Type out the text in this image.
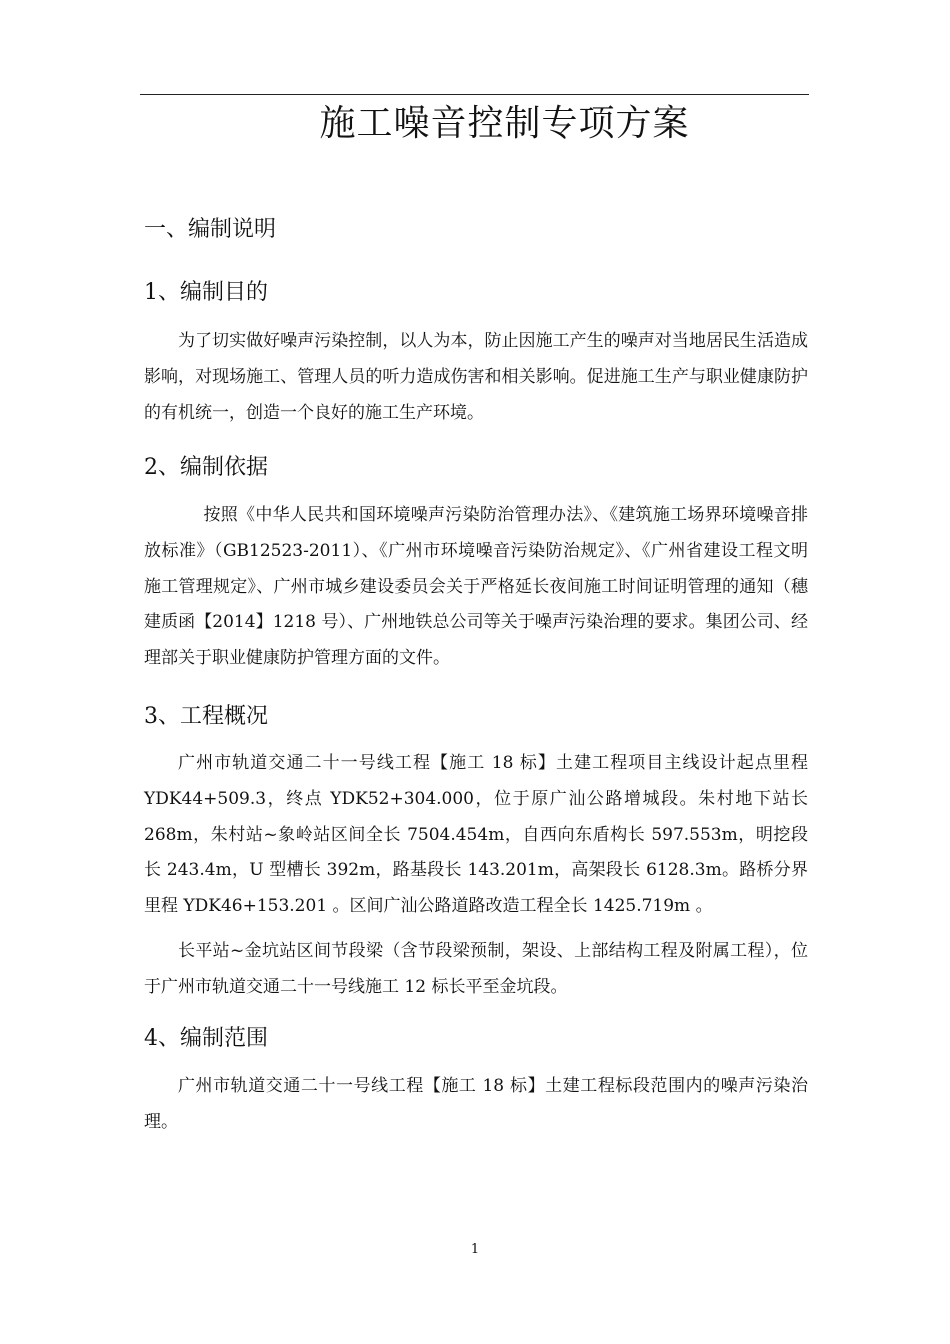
施工噪音控制专项方案
一、编制说明 
1、编制目的

为了切实做好噪声污染控制，以人为本，防止因施工产生的噪声对当地居民生活造成影响，对现场施工、管理人员的听力造成伤害和相关影响。促进施工生产与职业健康防护的有机统一，创造一个良好的施工生产环境。

2、编制依据

按照《中华人民共和国环境噪声污染防治管理办法》、《建筑施工场界环境噪音排放标准》（GB12523-2011）、《广州市环境噪音污染防治规定》、《广州省建设工程文明施工管理规定》、广州市城乡建设委员会关于严格延长夜间施工时间证明管理的通知（穗建质函【2014】1218 号）、广州地铁总公司等关于噪声污染治理的要求。集团公司、经理部关于职业健康防护管理方面的文件。

3、工程概况

广州市轨道交通二十一号线工程【施工 18 标】土建工程项目主线设计起点里程 YDK44+509.3，终点 YDK52+304.000，位于原广汕公路增城段。朱村地下站长 268m，朱村站~象岭站区间全长 7504.454m，自西向东盾构长 597.553m，明挖段长 243.4m，U 型槽长 392m，路基段长 143.201m，高架段长 6128.3m。路桥分界里程 YDK46+153.201 。区间广汕公路道路改造工程全长 1425.719m 。

长平站~金坑站区间节段梁（含节段梁预制，架设、上部结构工程及附属工程），位于广州市轨道交通二十一号线施工 12 标长平至金坑段。

4、编制范围

广州市轨道交通二十一号线工程【施工 18 标】土建工程标段范围内的噪声污染治理。

1
